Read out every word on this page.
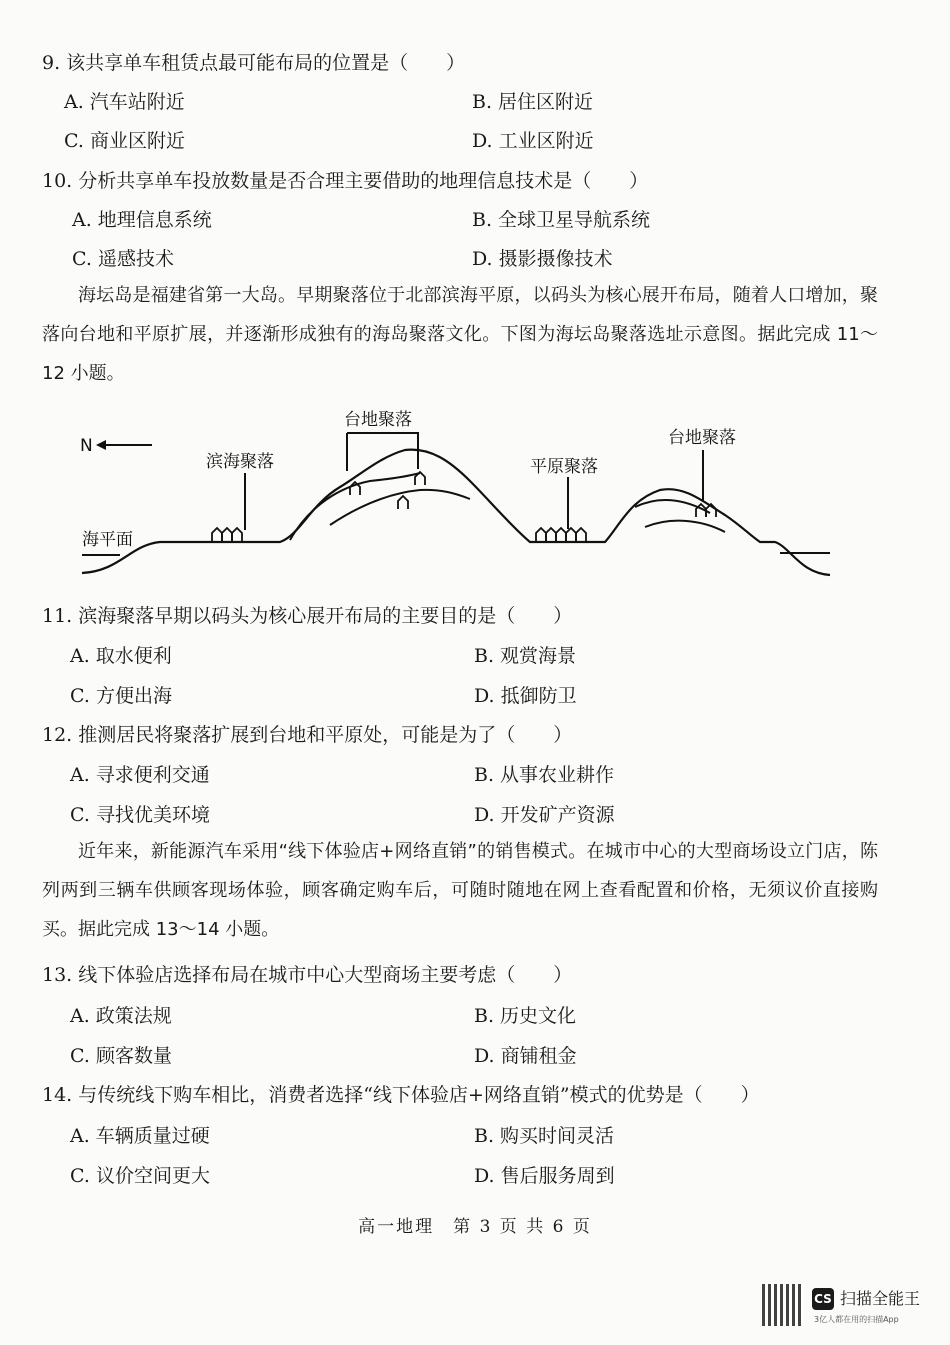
9. 该共享单车租赁点最可能布局的位置是（　　）
A. 汽车站附近	B. 居住区附近
C. 商业区附近	D. 工业区附近
10. 分析共享单车投放数量是否合理主要借助的地理信息技术是（　　）
A. 地理信息系统	B. 全球卫星导航系统
C. 遥感技术	D. 摄影摄像技术
海坛岛是福建省第一大岛。早期聚落位于北部滨海平原，以码头为核心展开布局，随着人口增加，聚落向台地和平原扩展，并逐渐形成独有的海岛聚落文化。下图为海坛岛聚落选址示意图。据此完成 11～12 小题。
N
滨海聚落
台地聚落
平原聚落
台地聚落
海平面
11. 滨海聚落早期以码头为核心展开布局的主要目的是（　　）
A. 取水便利	B. 观赏海景
C. 方便出海	D. 抵御防卫
12. 推测居民将聚落扩展到台地和平原处，可能是为了（　　）
A. 寻求便利交通	B. 从事农业耕作
C. 寻找优美环境	D. 开发矿产资源
近年来，新能源汽车采用“线下体验店+网络直销”的销售模式。在城市中心的大型商场设立门店，陈列两到三辆车供顾客现场体验，顾客确定购车后，可随时随地在网上查看配置和价格，无须议价直接购买。据此完成 13～14 小题。
13. 线下体验店选择布局在城市中心大型商场主要考虑（　　）
A. 政策法规	B. 历史文化
C. 顾客数量	D. 商铺租金
14. 与传统线下购车相比，消费者选择“线下体验店+网络直销”模式的优势是（　　）
A. 车辆质量过硬	B. 购买时间灵活
C. 议价空间更大	D. 售后服务周到
高一地理　第 3 页 共 6 页
CS 扫描全能王
3亿人都在用的扫描App
